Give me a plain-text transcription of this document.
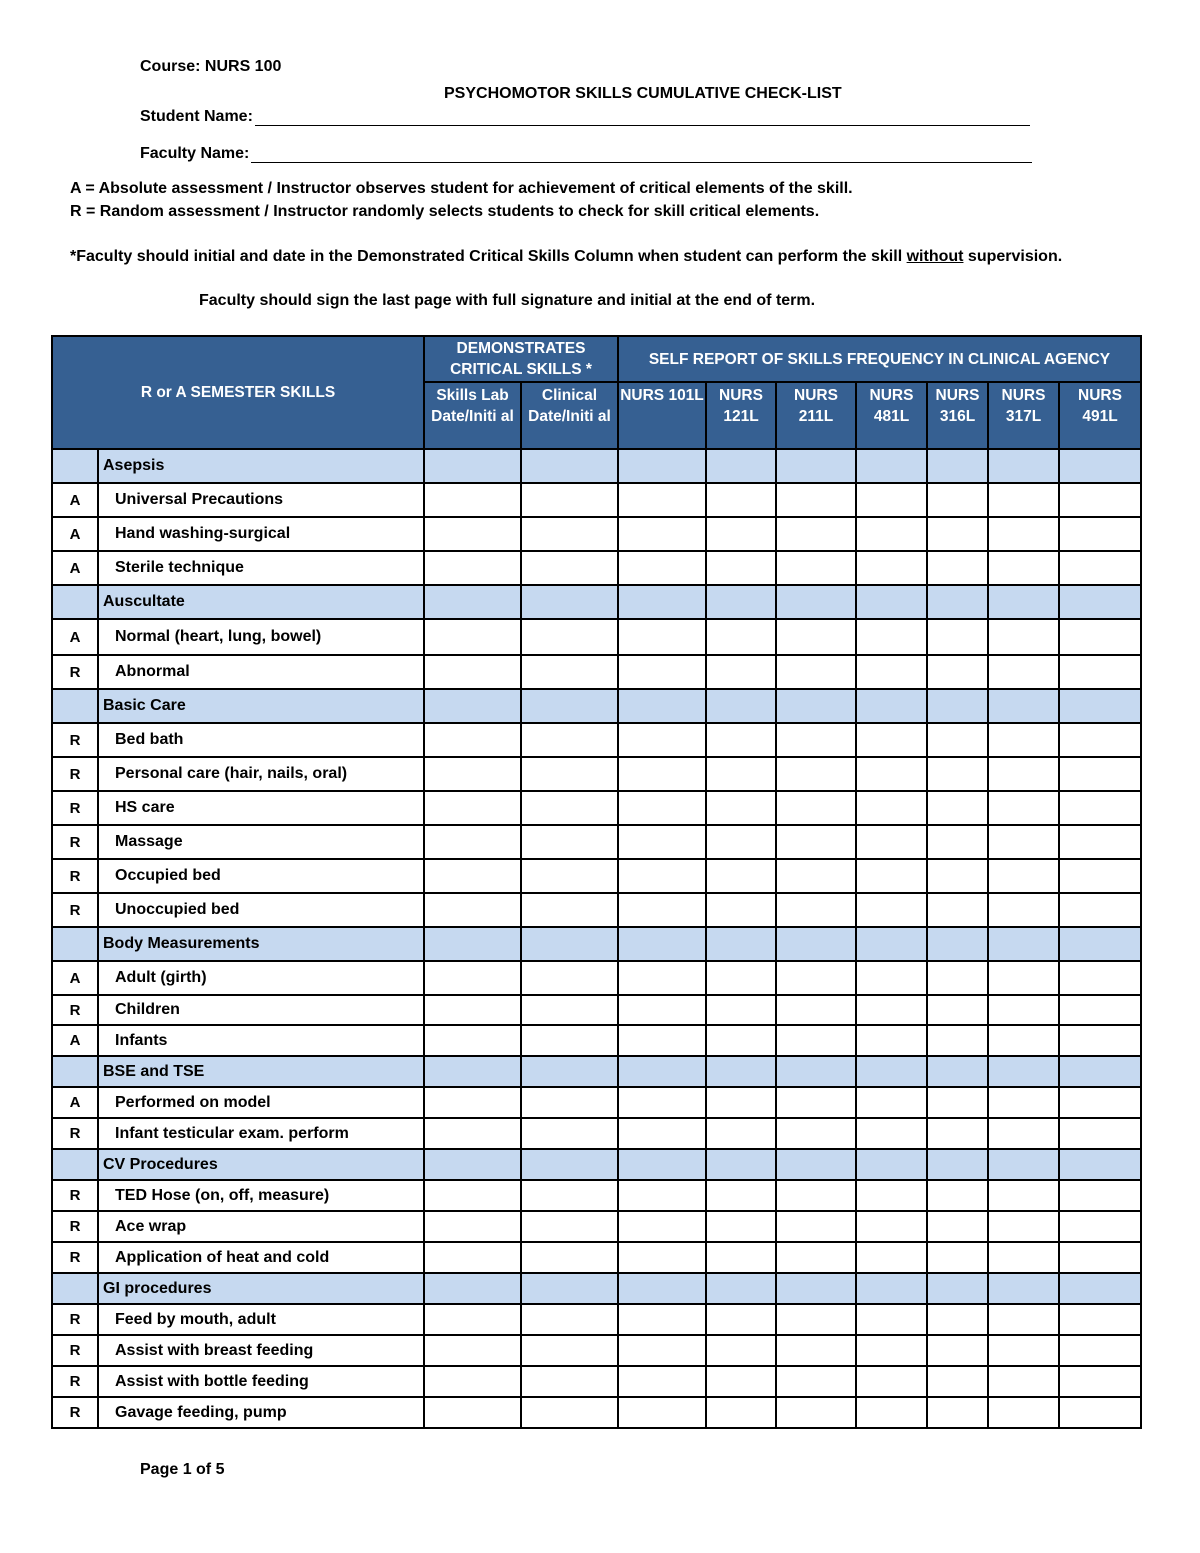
Course: NURS 100
PSYCHOMOTOR SKILLS CUMULATIVE CHECK-LIST
Student Name:
Faculty Name:
A = Absolute assessment / Instructor observes student for achievement of critical elements of the skill.
R = Random assessment / Instructor randomly selects students to check for skill critical elements.
*Faculty should initial and date in the Demonstrated Critical Skills Column when student can perform the skill without supervision.
Faculty should sign the last page with full signature and initial at the end of term.
R or A SEMESTER SKILLS		DEMONSTRATES CRITICAL SKILLS *		SELF REPORT OF SKILLS FREQUENCY IN CLINICAL AGENCY						

		Skills Lab Date/Initi al	Clinical Date/Initi al	NURS 101L	NURS 121L	NURS 211L	NURS 481L	NURS 316L	NURS 317L	NURS 491L

	Asepsis									
A	Universal Precautions									
A	Hand washing-surgical									
A	Sterile technique									
	Auscultate									
A	Normal (heart, lung, bowel)									
R	Abnormal									
	Basic Care									
R	Bed bath									
R	Personal care (hair, nails, oral)									
R	HS care									
R	Massage									
R	Occupied bed									
R	Unoccupied bed									
	Body Measurements									
A	Adult (girth)									
R	Children									
A	Infants									
	BSE and TSE									
A	Performed on model									
R	Infant testicular exam. perform									
	CV Procedures									
R	TED Hose (on, off, measure)									
R	Ace wrap									
R	Application of heat and cold									
	GI procedures									
R	Feed by mouth, adult									
R	Assist with breast feeding									
R	Assist with bottle feeding									
R	Gavage feeding, pump									
Page 1 of 5
